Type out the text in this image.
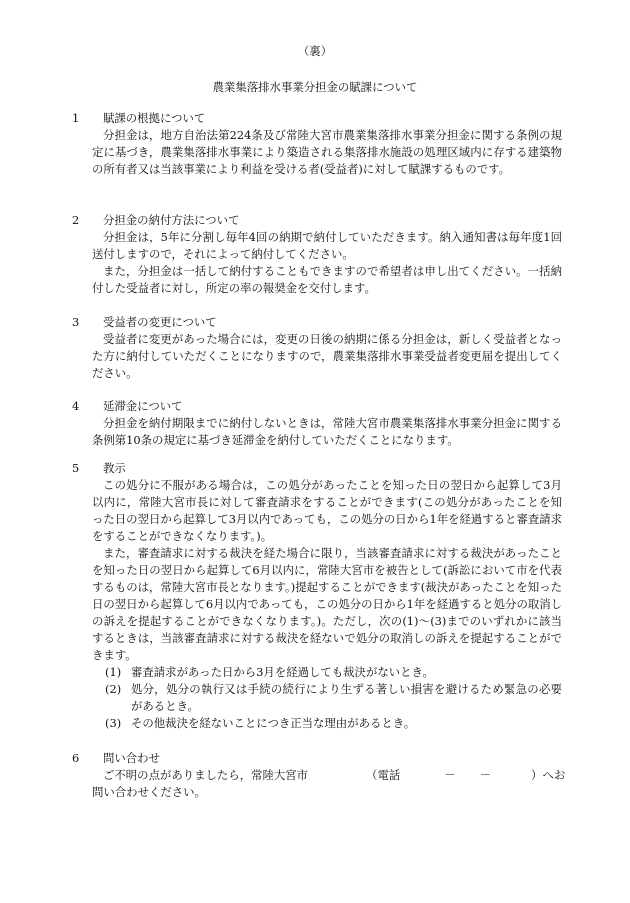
（裏）
農業集落排水事業分担金の賦課について
1	賦課の根拠について
分担金は，地方自治法第224条及び常陸大宮市農業集落排水事業分担金に関する条例の規定に基づき，農業集落排水事業により築造される集落排水施設の処理区域内に存する建築物の所有者又は当該事業により利益を受ける者(受益者)に対して賦課するものです。
2	分担金の納付方法について
分担金は，5年に分割し毎年4回の納期で納付していただきます。納入通知書は毎年度1回送付しますので，それによって納付してください。
また，分担金は一括して納付することもできますので希望者は申し出てください。一括納付した受益者に対し，所定の率の報奨金を交付します。
3	受益者の変更について
受益者に変更があった場合には，変更の日後の納期に係る分担金は，新しく受益者となった方に納付していただくことになりますので，農業集落排水事業受益者変更届を提出してください。
4	延滞金について
分担金を納付期限までに納付しないときは，常陸大宮市農業集落排水事業分担金に関する条例第10条の規定に基づき延滞金を納付していただくことになります。
5	教示
この処分に不服がある場合は，この処分があったことを知った日の翌日から起算して3月以内に，常陸大宮市長に対して審査請求をすることができます(この処分があったことを知った日の翌日から起算して3月以内であっても，この処分の日から1年を経過すると審査請求をすることができなくなります。)。
また，審査請求に対する裁決を経た場合に限り，当該審査請求に対する裁決があったことを知った日の翌日から起算して6月以内に，常陸大宮市を被告として(訴訟において市を代表するものは，常陸大宮市長となります。)提起することができます(裁決があったことを知った日の翌日から起算して6月以内であっても，この処分の日から1年を経過すると処分の取消しの訴えを提起することができなくなります。)。ただし，次の(1)～(3)までのいずれかに該当するときは，当該審査請求に対する裁決を経ないで処分の取消しの訴えを提起することができます。
(1) 審査請求があった日から3月を経過しても裁決がないとき。
(2) 処分，処分の執行又は手続の続行により生ずる著しい損害を避けるため緊急の必要があるとき。
(3) その他裁決を経ないことにつき正当な理由があるとき。
6	問い合わせ
ご不明の点がありましたら，常陸大宮市	（電話	－ －	）へお
問い合わせください。
